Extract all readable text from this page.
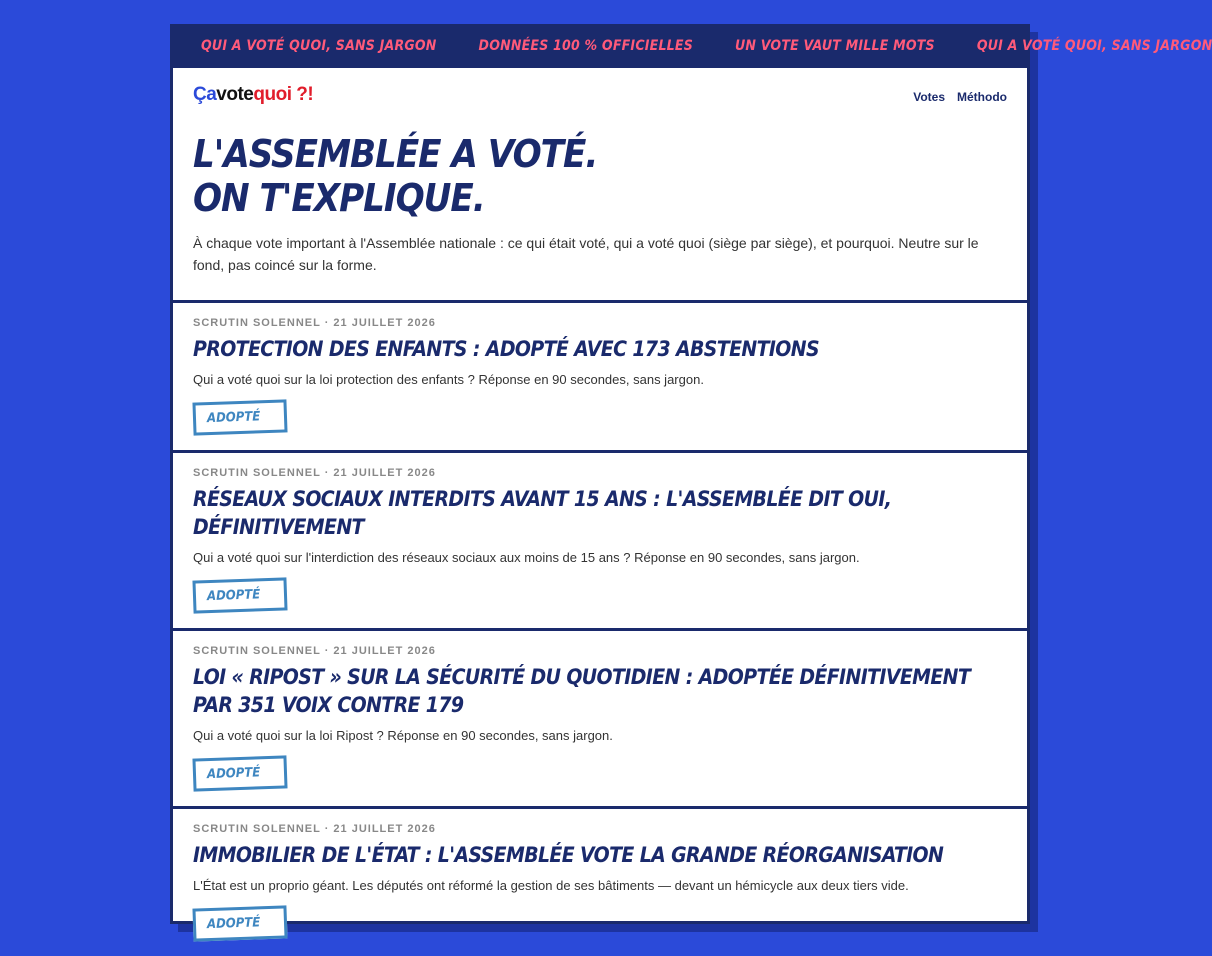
QUI A VOTÉ QUOI, SANS JARGON	DONNÉES 100 % OFFICIELLES	UN VOTE VAUT MILLE MOTS	QUI A VOTÉ QUOI, SANS JARGON
Çavotequoi ?!	Votes Méthodo
L'ASSEMBLÉE A VOTÉ.
ON T'EXPLIQUE.

À chaque vote important à l'Assemblée nationale : ce qui était voté, qui a voté quoi (siège par siège), et pourquoi. Neutre sur le fond, pas coincé sur la forme.

SCRUTIN SOLENNEL · 21 JUILLET 2026
PROTECTION DES ENFANTS : ADOPTÉ AVEC 173 ABSTENTIONS

Qui a voté quoi sur la loi protection des enfants ? Réponse en 90 secondes, sans jargon.

ADOPTÉ
SCRUTIN SOLENNEL · 21 JUILLET 2026
RÉSEAUX SOCIAUX INTERDITS AVANT 15 ANS : L'ASSEMBLÉE DIT OUI, DÉFINITIVEMENT

Qui a voté quoi sur l'interdiction des réseaux sociaux aux moins de 15 ans ? Réponse en 90 secondes, sans jargon.

ADOPTÉ
SCRUTIN SOLENNEL · 21 JUILLET 2026
LOI « RIPOST » SUR LA SÉCURITÉ DU QUOTIDIEN : ADOPTÉE DÉFINITIVEMENT PAR 351 VOIX CONTRE 179

Qui a voté quoi sur la loi Ripost ? Réponse en 90 secondes, sans jargon.

ADOPTÉ
SCRUTIN SOLENNEL · 21 JUILLET 2026
IMMOBILIER DE L'ÉTAT : L'ASSEMBLÉE VOTE LA GRANDE RÉORGANISATION

L'État est un proprio géant. Les députés ont réformé la gestion de ses bâtiments — devant un hémicycle aux deux tiers vide.

ADOPTÉ
